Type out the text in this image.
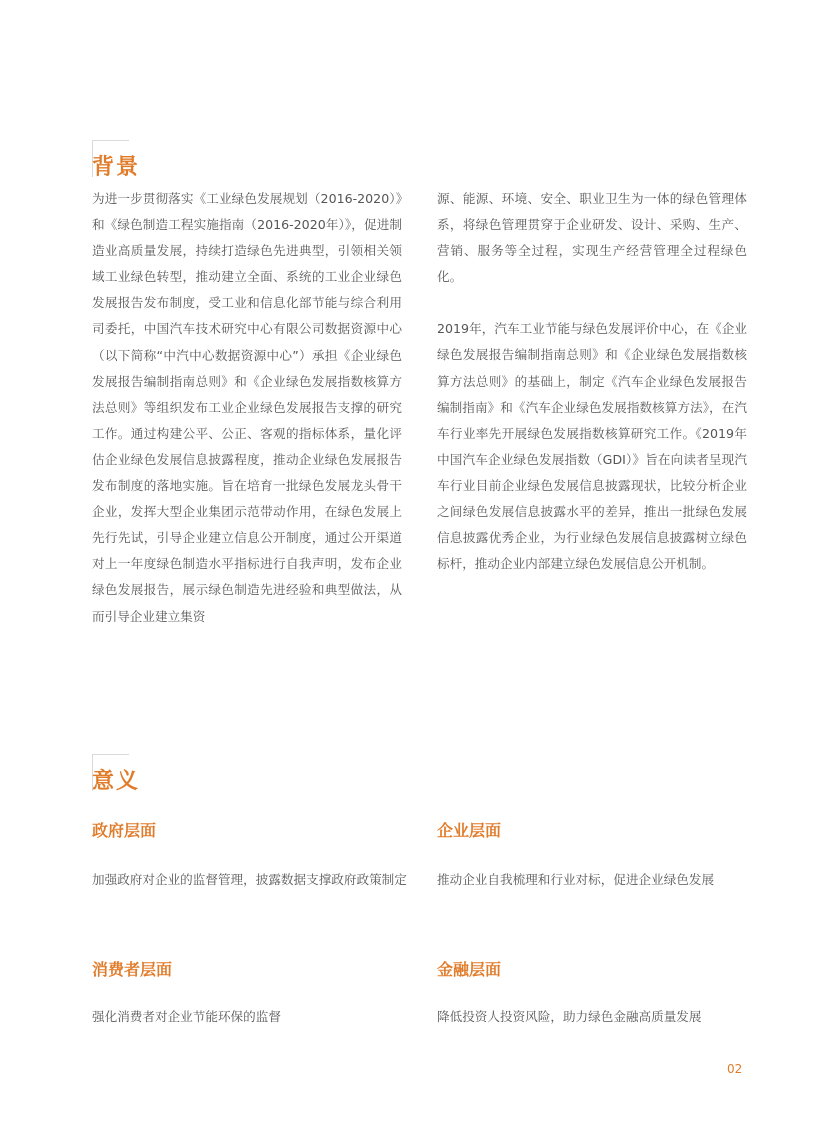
背景

为进一步贯彻落实《工业绿色发展规划（2016-2020）》和《绿色制造工程实施指南（2016-2020年）》，促进制造业高质量发展，持续打造绿色先进典型，引领相关领域工业绿色转型，推动建立全面、系统的工业企业绿色发展报告发布制度，受工业和信息化部节能与综合利用司委托，中国汽车技术研究中心有限公司数据资源中心（以下简称“中汽中心数据资源中心”）承担《企业绿色发展报告编制指南总则》和《企业绿色发展指数核算方法总则》等组织发布工业企业绿色发展报告支撑的研究工作。通过构建公平、公正、客观的指标体系，量化评估企业绿色发展信息披露程度，推动企业绿色发展报告发布制度的落地实施。旨在培育一批绿色发展龙头骨干企业，发挥大型企业集团示范带动作用，在绿色发展上先行先试，引导企业建立信息公开制度，通过公开渠道对上一年度绿色制造水平指标进行自我声明，发布企业绿色发展报告，展示绿色制造先进经验和典型做法，从而引导企业建立集资

源、能源、环境、安全、职业卫生为一体的绿色管理体系，将绿色管理贯穿于企业研发、设计、采购、生产、营销、服务等全过程，实现生产经营管理全过程绿色化。

2019年，汽车工业节能与绿色发展评价中心，在《企业绿色发展报告编制指南总则》和《企业绿色发展指数核算方法总则》的基础上，制定《汽车企业绿色发展报告编制指南》和《汽车企业绿色发展指数核算方法》，在汽车行业率先开展绿色发展指数核算研究工作。《2019年中国汽车企业绿色发展指数（GDI）》旨在向读者呈现汽车行业目前企业绿色发展信息披露现状，比较分析企业之间绿色发展信息披露水平的差异，推出一批绿色发展信息披露优秀企业，为行业绿色发展信息披露树立绿色标杆，推动企业内部建立绿色发展信息公开机制。

意义
政府层面
加强政府对企业的监督管理，披露数据支撑政府政策制定
企业层面
推动企业自我梳理和行业对标，促进企业绿色发展
消费者层面
强化消费者对企业节能环保的监督
金融层面
降低投资人投资风险，助力绿色金融高质量发展
02
